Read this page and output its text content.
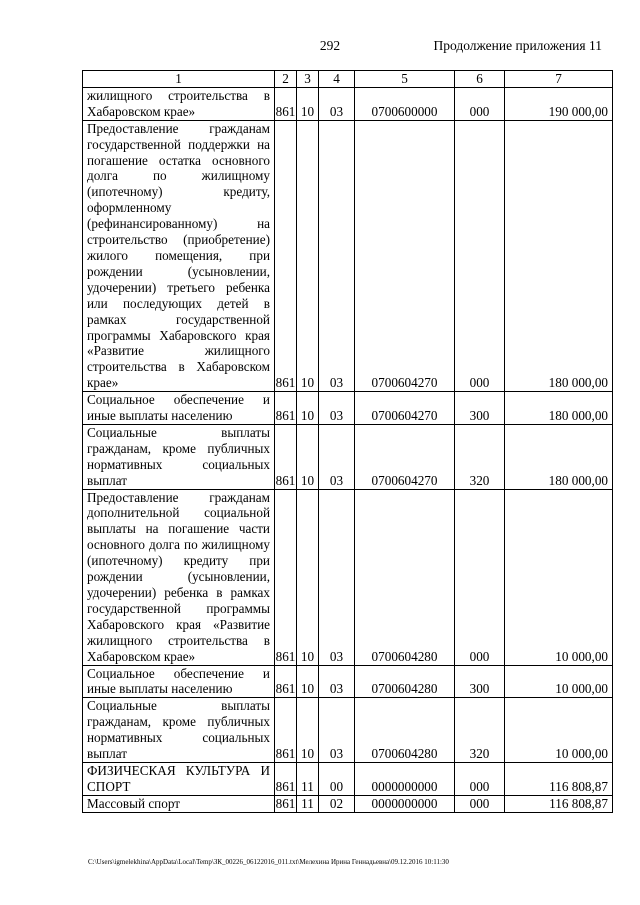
292	Продолжение приложения 11
1	2	3	4	5	6	7
жилищного строительства в Хабаровском крае»	861	10	03	0700600000	000	190 000,00
Предоставление гражданам государственной поддержки на погашение остатка основного долга по жилищному (ипотечному) кредиту, оформленному (рефинансированному) на строительство (приобретение) жилого помещения, при рождении (усыновлении, удочерении) третьего ребенка или последующих детей в рамках государственной программы Хабаровского края «Развитие жилищного строительства в Хабаровском крае»	861	10	03	0700604270	000	180 000,00
Социальное обеспечение и иные выплаты населению	861	10	03	0700604270	300	180 000,00
Социальные выплаты гражданам, кроме публичных нормативных социальных выплат	861	10	03	0700604270	320	180 000,00
Предоставление гражданам дополнительной социальной выплаты на погашение части основного долга по жилищному (ипотечному) кредиту при рождении (усыновлении, удочерении) ребенка в рамках государственной программы Хабаровского края «Развитие жилищного строительства в Хабаровском крае»	861	10	03	0700604280	000	10 000,00
Социальное обеспечение и иные выплаты населению	861	10	03	0700604280	300	10 000,00
Социальные выплаты гражданам, кроме публичных нормативных социальных выплат	861	10	03	0700604280	320	10 000,00
ФИЗИЧЕСКАЯ КУЛЬТУРА И СПОРТ	861	11	00	0000000000	000	116 808,87
Массовый спорт	861	11	02	0000000000	000	116 808,87
C:\Users\igmelekhina\AppData\Local\Temp\ЗК_00226_06122016_011.txt\Мелехина Ирина Геннадьевна\09.12.2016 10:11:30
